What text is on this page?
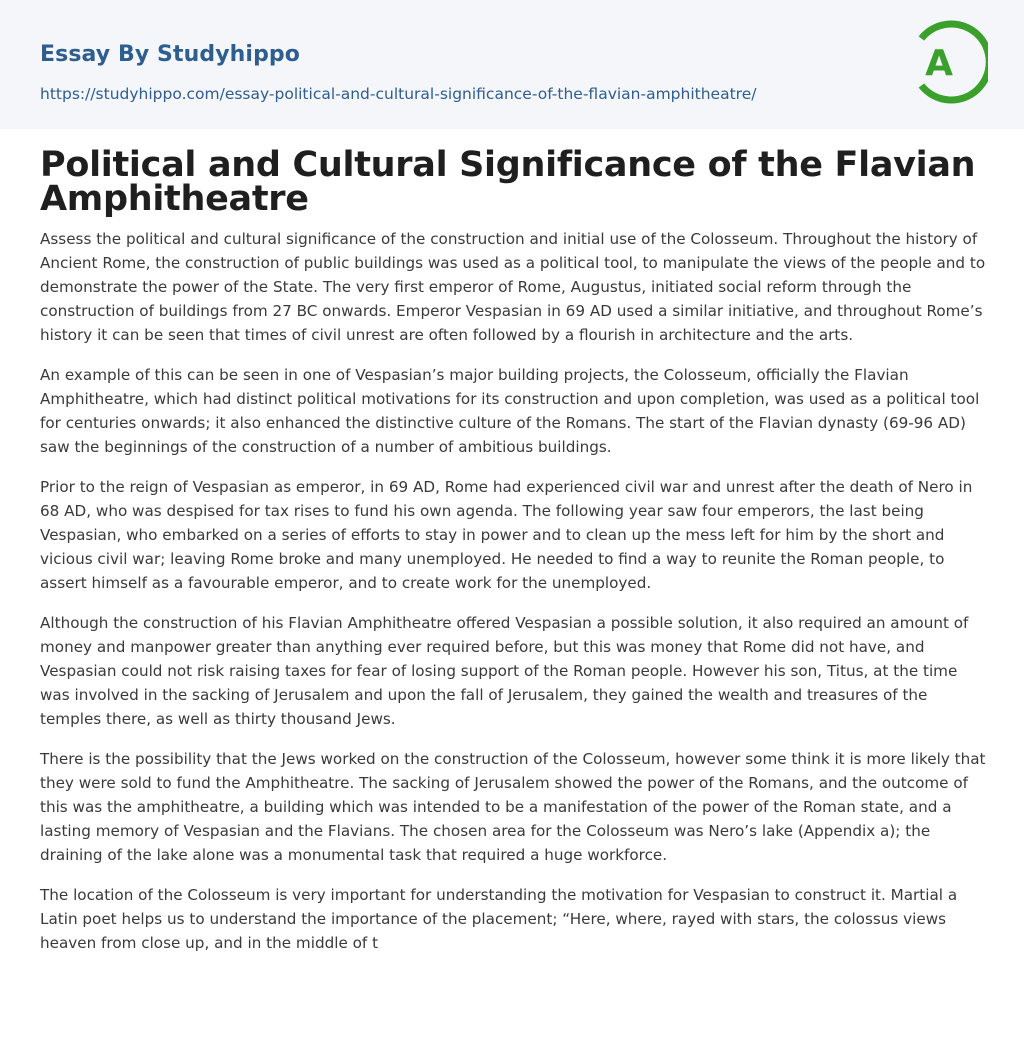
Essay By Studyhippo
https://studyhippo.com/essay-political-and-cultural-significance-of-the-flavian-amphitheatre/
A
Political and Cultural Significance of the Flavian Amphitheatre

Assess the political and cultural significance of the construction and initial use of the Colosseum. Throughout the history of Ancient Rome, the construction of public buildings was used as a political tool, to manipulate the views of the people and to demonstrate the power of the State. The very first emperor of Rome, Augustus, initiated social reform through the construction of buildings from 27 BC onwards. Emperor Vespasian in 69 AD used a similar initiative, and throughout Rome’s history it can be seen that times of civil unrest are often followed by a flourish in architecture and the arts.

An example of this can be seen in one of Vespasian’s major building projects, the Colosseum, officially the Flavian Amphitheatre, which had distinct political motivations for its construction and upon completion, was used as a political tool for centuries onwards; it also enhanced the distinctive culture of the Romans. The start of the Flavian dynasty (69-96 AD) saw the beginnings of the construction of a number of ambitious buildings.

Prior to the reign of Vespasian as emperor, in 69 AD, Rome had experienced civil war and unrest after the death of Nero in 68 AD, who was despised for tax rises to fund his own agenda. The following year saw four emperors, the last being Vespasian, who embarked on a series of efforts to stay in power and to clean up the mess left for him by the short and vicious civil war; leaving Rome broke and many unemployed. He needed to find a way to reunite the Roman people, to assert himself as a favourable emperor, and to create work for the unemployed.

Although the construction of his Flavian Amphitheatre offered Vespasian a possible solution, it also required an amount of money and manpower greater than anything ever required before, but this was money that Rome did not have, and Vespasian could not risk raising taxes for fear of losing support of the Roman people. However his son, Titus, at the time was involved in the sacking of Jerusalem and upon the fall of Jerusalem, they gained the wealth and treasures of the temples there, as well as thirty thousand Jews.

There is the possibility that the Jews worked on the construction of the Colosseum, however some think it is more likely that they were sold to fund the Amphitheatre. The sacking of Jerusalem showed the power of the Romans, and the outcome of this was the amphitheatre, a building which was intended to be a manifestation of the power of the Roman state, and a lasting memory of Vespasian and the Flavians. The chosen area for the Colosseum was Nero’s lake (Appendix a); the draining of the lake alone was a monumental task that required a huge workforce.

The location of the Colosseum is very important for understanding the motivation for Vespasian to construct it. Martial a Latin poet helps us to understand the importance of the placement; “Here, where, rayed with stars, the colossus views heaven from close up, and in the middle of t
